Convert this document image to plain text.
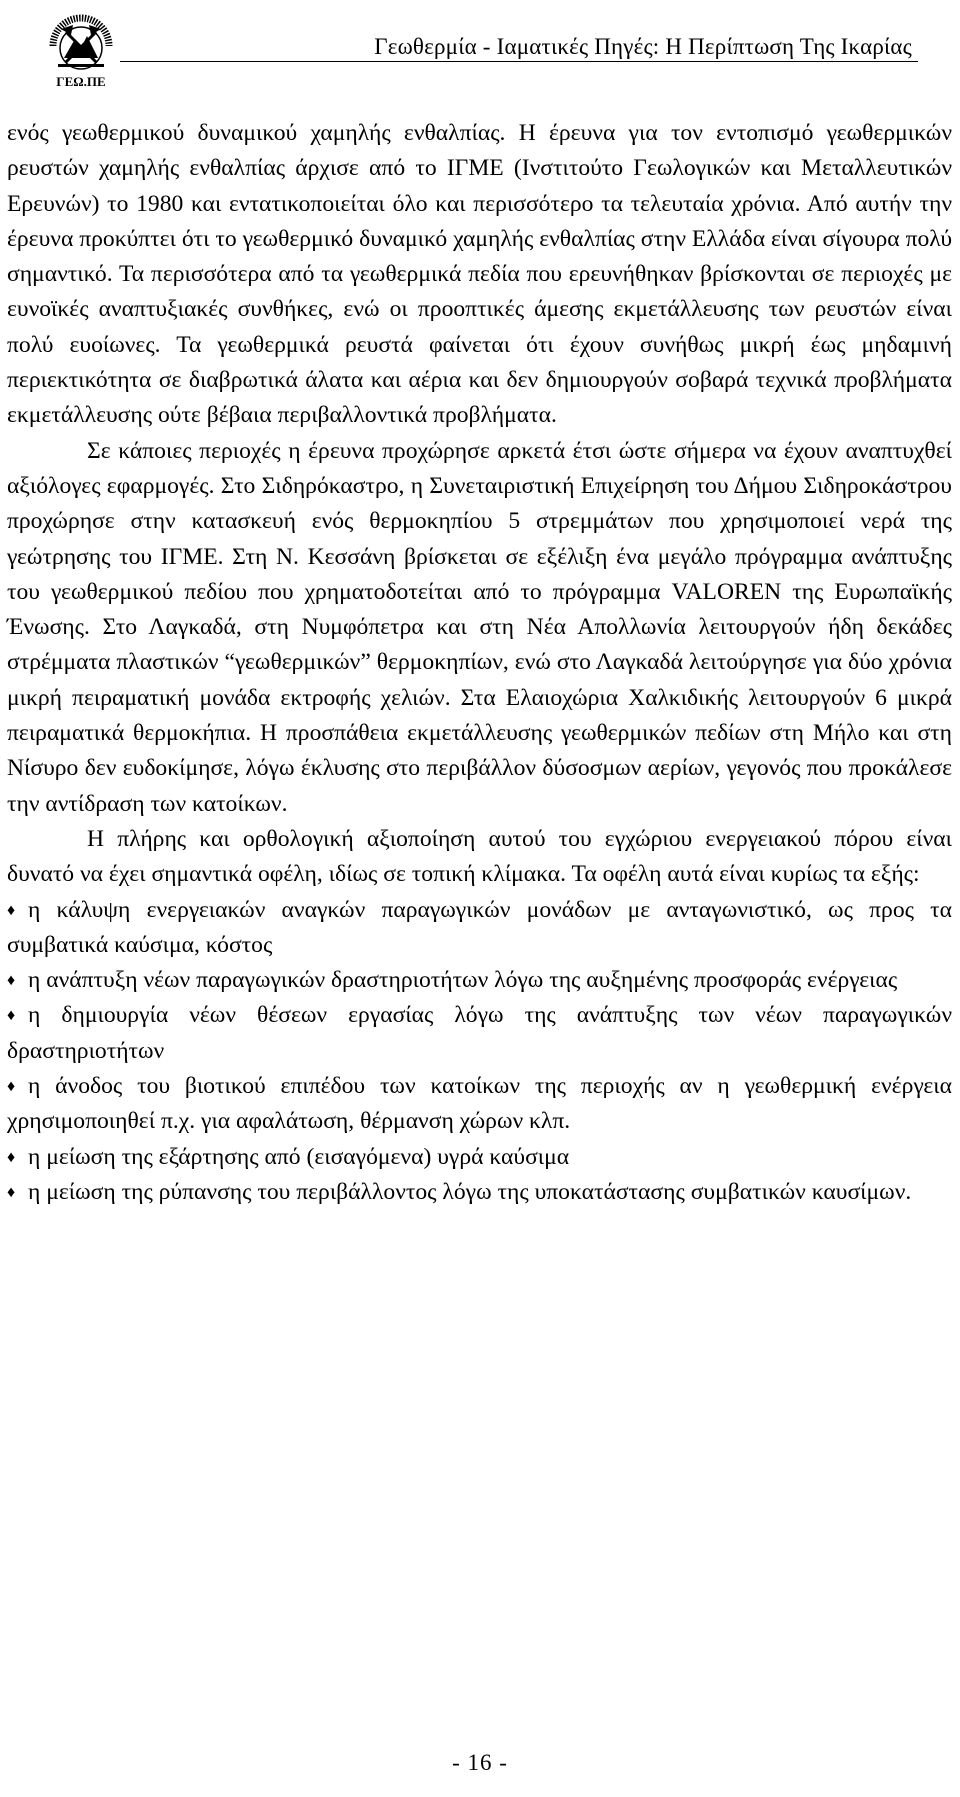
ΓΕΩ.ΠΕ
Γεωθερμία - Ιαματικές Πηγές: Η Περίπτωση Της Ικαρίας

ενός γεωθερμικού δυναμικού χαμηλής ενθαλπίας. Η έρευνα για τον εντοπισμό γεωθερμικών ρευστών χαμηλής ενθαλπίας άρχισε από το ΙΓΜΕ (Ινστιτούτο Γεωλογικών και Μεταλλευτικών Ερευνών) το 1980 και εντατικοποιείται όλο και περισσότερο τα τελευταία χρόνια. Από αυτήν την έρευνα προκύπτει ότι το γεωθερμικό δυναμικό χαμηλής ενθαλπίας στην Ελλάδα είναι σίγουρα πολύ σημαντικό. Τα περισσότερα από τα γεωθερμικά πεδία που ερευνήθηκαν βρίσκονται σε περιοχές με ευνοϊκές αναπτυξιακές συνθήκες, ενώ οι προοπτικές άμεσης εκμετάλλευσης των ρευστών είναι πολύ ευοίωνες. Τα γεωθερμικά ρευστά φαίνεται ότι έχουν συνήθως μικρή έως μηδαμινή περιεκτικότητα σε διαβρωτικά άλατα και αέρια και δεν δημιουργούν σοβαρά τεχνικά προβλήματα εκμετάλλευσης ούτε βέβαια περιβαλλοντικά προβλήματα.

Σε κάποιες περιοχές η έρευνα προχώρησε αρκετά έτσι ώστε σήμερα να έχουν αναπτυχθεί αξιόλογες εφαρμογές. Στο Σιδηρόκαστρο, η Συνεταιριστική Επιχείρηση του Δήμου Σιδηροκάστρου προχώρησε στην κατασκευή ενός θερμοκηπίου 5 στρεμμάτων που χρησιμοποιεί νερά της γεώτρησης του ΙΓΜΕ. Στη Ν. Κεσσάνη βρίσκεται σε εξέλιξη ένα μεγάλο πρόγραμμα ανάπτυξης του γεωθερμικού πεδίου που χρηματοδοτείται από το πρόγραμμα VALOREN της Ευρωπαϊκής Ένωσης. Στο Λαγκαδά, στη Νυμφόπετρα και στη Νέα Απολλωνία λειτουργούν ήδη δεκάδες στρέμματα πλαστικών “γεωθερμικών” θερμοκηπίων, ενώ στο Λαγκαδά λειτούργησε για δύο χρόνια μικρή πειραματική μονάδα εκτροφής χελιών. Στα Ελαιοχώρια Χαλκιδικής λειτουργούν 6 μικρά πειραματικά θερμοκήπια. Η προσπάθεια εκμετάλλευσης γεωθερμικών πεδίων στη Μήλο και στη Νίσυρο δεν ευδοκίμησε, λόγω έκλυσης στο περιβάλλον δύσοσμων αερίων, γεγονός που προκάλεσε την αντίδραση των κατοίκων.

Η πλήρης και ορθολογική αξιοποίηση αυτού του εγχώριου ενεργειακού πόρου είναι δυνατό να έχει σημαντικά οφέλη, ιδίως σε τοπική κλίμακα. Τα οφέλη αυτά είναι κυρίως τα εξής:

♦ η κάλυψη ενεργειακών αναγκών παραγωγικών μονάδων με ανταγωνιστικό, ως προς τα συμβατικά καύσιμα, κόστος

♦ η ανάπτυξη νέων παραγωγικών δραστηριοτήτων λόγω της αυξημένης προσφοράς ενέργειας

♦ η δημιουργία νέων θέσεων εργασίας λόγω της ανάπτυξης των νέων παραγωγικών δραστηριοτήτων

♦ η άνοδος του βιοτικού επιπέδου των κατοίκων της περιοχής αν η γεωθερμική ενέργεια χρησιμοποιηθεί π.χ. για αφαλάτωση, θέρμανση χώρων κλπ.

♦ η μείωση της εξάρτησης από (εισαγόμενα) υγρά καύσιμα

♦ η μείωση της ρύπανσης του περιβάλλοντος λόγω της υποκατάστασης συμβατικών καυσίμων.

- 16 -
